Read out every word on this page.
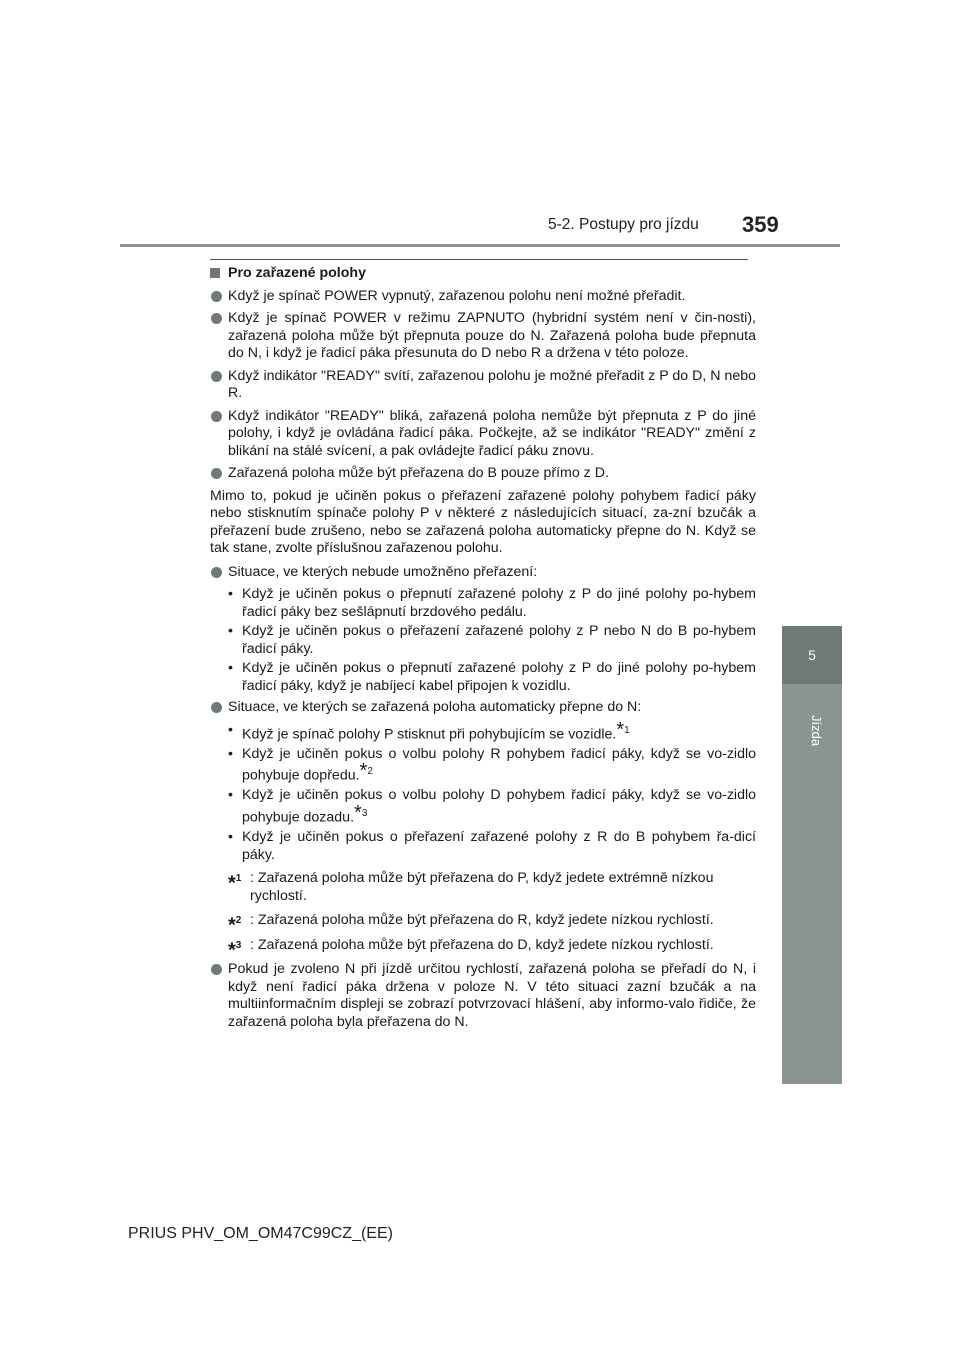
5-2. Postupy pro jízdu 359
5
Jízda
Pro zařazené polohy
Když je spínač POWER vypnutý, zařazenou polohu není možné přeřadit.
Když je spínač POWER v režimu ZAPNUTO (hybridní systém není v čin-nosti), zařazená poloha může být přepnuta pouze do N. Zařazená poloha bude přepnuta do N, i když je řadicí páka přesunuta do D nebo R a držena v této poloze.
Když indikátor "READY" svítí, zařazenou polohu je možné přeřadit z P do D, N nebo R.
Když indikátor "READY" bliká, zařazená poloha nemůže být přepnuta z P do jiné polohy, i když je ovládána řadicí páka. Počkejte, až se indikátor "READY" změní z blikání na stálé svícení, a pak ovládejte řadicí páku znovu.
Zařazená poloha může být přeřazena do B pouze přímo z D.
Mimo to, pokud je učiněn pokus o přeřazení zařazené polohy pohybem řadicí páky nebo stisknutím spínače polohy P v některé z následujících situací, za-zní bzučák a přeřazení bude zrušeno, nebo se zařazená poloha automaticky přepne do N. Když se tak stane, zvolte příslušnou zařazenou polohu.
Situace, ve kterých nebude umožněno přeřazení:
• Když je učiněn pokus o přepnutí zařazené polohy z P do jiné polohy po-hybem řadicí páky bez sešlápnutí brzdového pedálu.
• Když je učiněn pokus o přeřazení zařazené polohy z P nebo N do B po-hybem řadicí páky.
• Když je učiněn pokus o přepnutí zařazené polohy z P do jiné polohy po-hybem řadicí páky, když je nabíjecí kabel připojen k vozidlu.
Situace, ve kterých se zařazená poloha automaticky přepne do N:
• Když je spínač polohy P stisknut při pohybujícím se vozidle.$^{*1}$
• Když je učiněn pokus o volbu polohy R pohybem řadicí páky, když se vo-zidlo pohybuje dopředu.$^{*2}$
• Když je učiněn pokus o volbu polohy D pohybem řadicí páky, když se vo-zidlo pohybuje dozadu.$^{*3}$
• Když je učiněn pokus o přeřazení zařazené polohy z R do B pohybem řa-dicí páky.
*$^1$ : Zařazená poloha může být přeřazena do P, když jedete extrémně nízkou rychlostí.
*$^2$ : Zařazená poloha může být přeřazena do R, když jedete nízkou rychlostí.
*$^3$ : Zařazená poloha může být přeřazena do D, když jedete nízkou rychlostí.
Pokud je zvoleno N při jízdě určitou rychlostí, zařazená poloha se přeřadí do N, i když není řadicí páka držena v poloze N. V této situaci zazní bzučák a na multiinformačním displeji se zobrazí potvrzovací hlášení, aby informo-valo řidiče, že zařazená poloha byla přeřazena do N.
PRIUS PHV_OM_OM47C99CZ_(EE)
